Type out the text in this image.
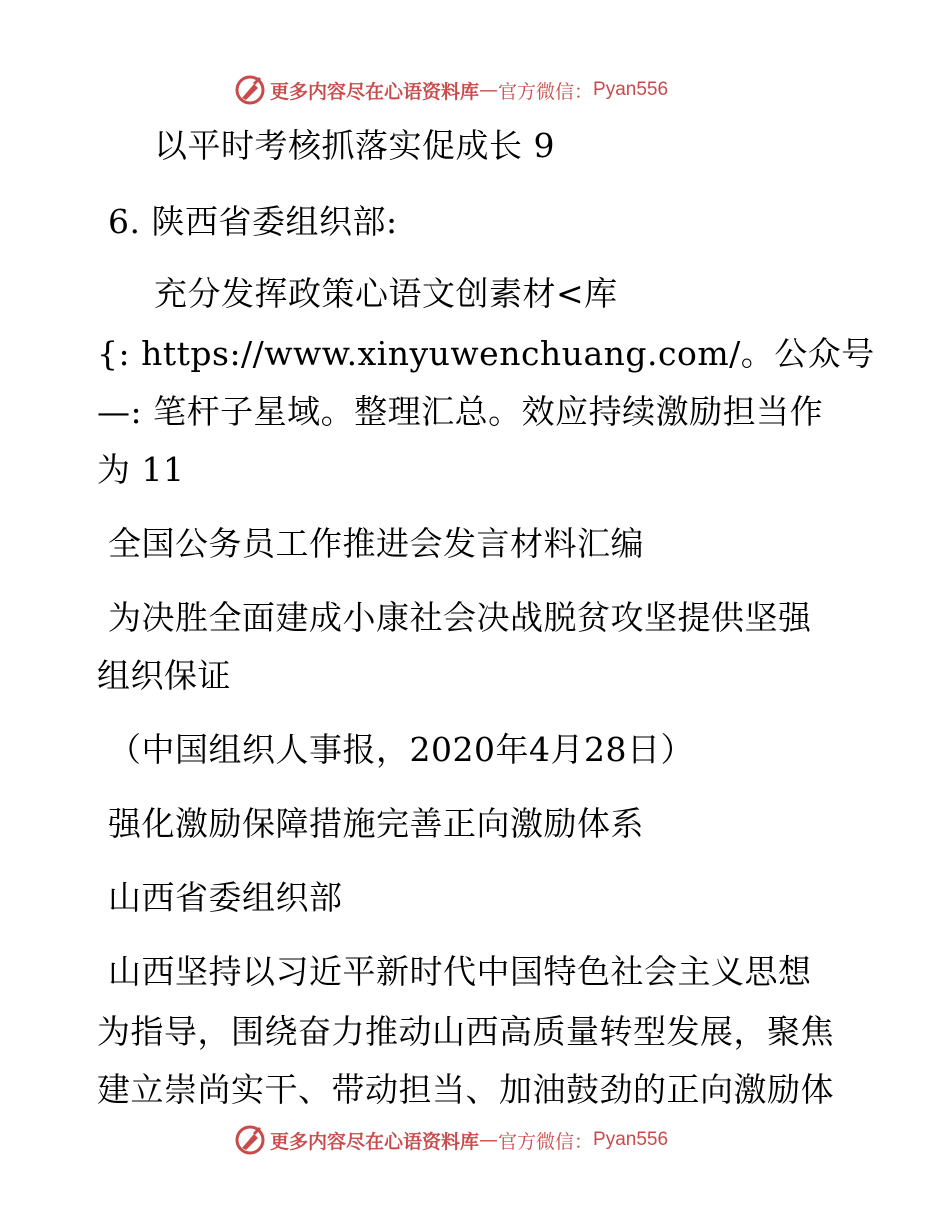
更多内容尽在心语资料库 — 官方微信： Pyan556
以平时考核抓落实促成长 9
6. 陕西省委组织部:
充分发挥政策心语文创素材<库
{: https://www.xinyuwenchuang.com/。公众号
—: 笔杆子星域。整理汇总。效应持续激励担当作
为 11
全国公务员工作推进会发言材料汇编
为决胜全面建成小康社会决战脱贫攻坚提供坚强
组织保证
（中国组织人事报，2020年4月28日）
强化激励保障措施完善正向激励体系
山西省委组织部
山西坚持以习近平新时代中国特色社会主义思想
为指导，围绕奋力推动山西高质量转型发展，聚焦
建立崇尚实干、带动担当、加油鼓劲的正向激励体
更多内容尽在心语资料库 — 官方微信： Pyan556
